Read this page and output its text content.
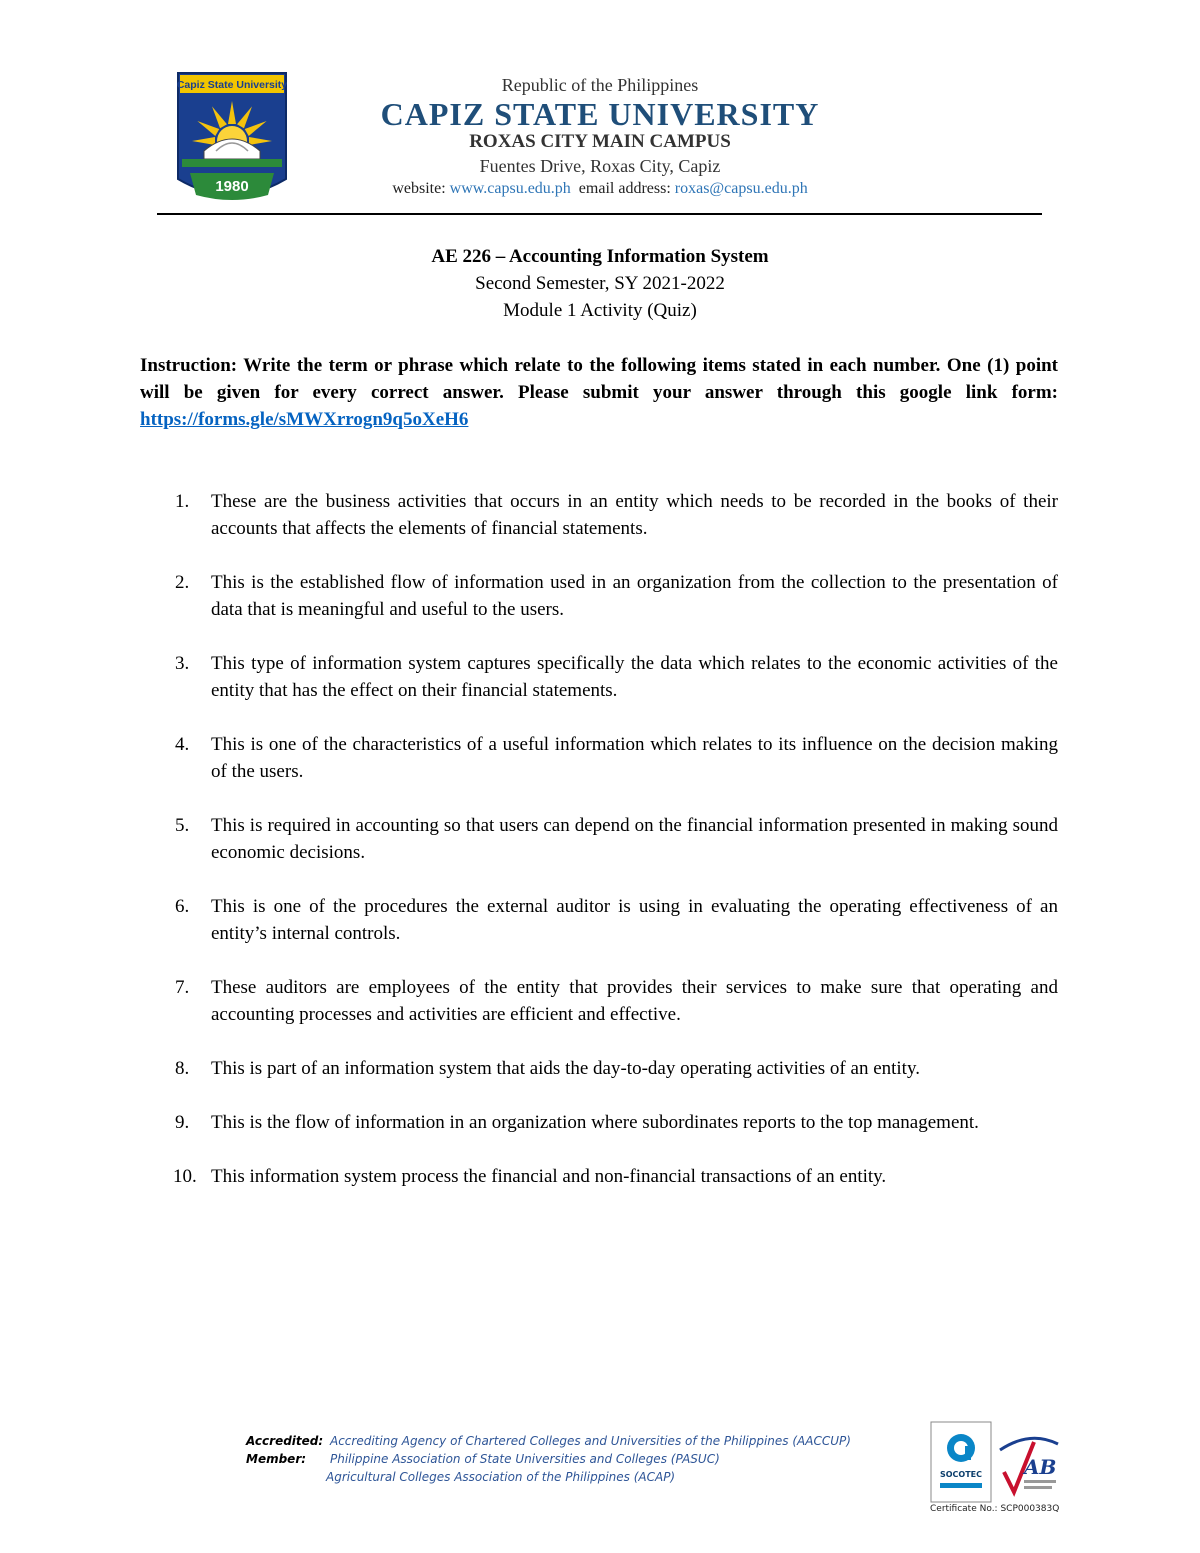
Capiz State University
1980
Republic of the Philippines
CAPIZ STATE UNIVERSITY
ROXAS CITY MAIN CAMPUS
Fuentes Drive, Roxas City, Capiz
website: www.capsu.edu.ph email address: roxas@capsu.edu.ph
AE 226 – Accounting Information System
Second Semester, SY 2021-2022
Module 1 Activity (Quiz)
Instruction: Write the term or phrase which relate to the following items stated in each number. One (1) point will be given for every correct answer. Please submit your answer through this google link form: https://forms.gle/sMWXrrogn9q5oXeH6
1. These are the business activities that occurs in an entity which needs to be recorded in the books of their accounts that affects the elements of financial statements.
2. This is the established flow of information used in an organization from the collection to the presentation of data that is meaningful and useful to the users.
3. This type of information system captures specifically the data which relates to the economic activities of the entity that has the effect on their financial statements.
4. This is one of the characteristics of a useful information which relates to its influence on the decision making of the users.
5. This is required in accounting so that users can depend on the financial information presented in making sound economic decisions.
6. This is one of the procedures the external auditor is using in evaluating the operating effectiveness of an entity’s internal controls.
7. These auditors are employees of the entity that provides their services to make sure that operating and accounting processes and activities are efficient and effective.
8. This is part of an information system that aids the day-to-day operating activities of an entity.
9. This is the flow of information in an organization where subordinates reports to the top management.
10. This information system process the financial and non-financial transactions of an entity.
Accredited: Accrediting Agency of Chartered Colleges and Universities of the Philippines (AACCUP)
Member: Philippine Association of State Universities and Colleges (PASUC)
Agricultural Colleges Association of the Philippines (ACAP)	SOCOTEC AB
Certificate No.: SCP000383Q
